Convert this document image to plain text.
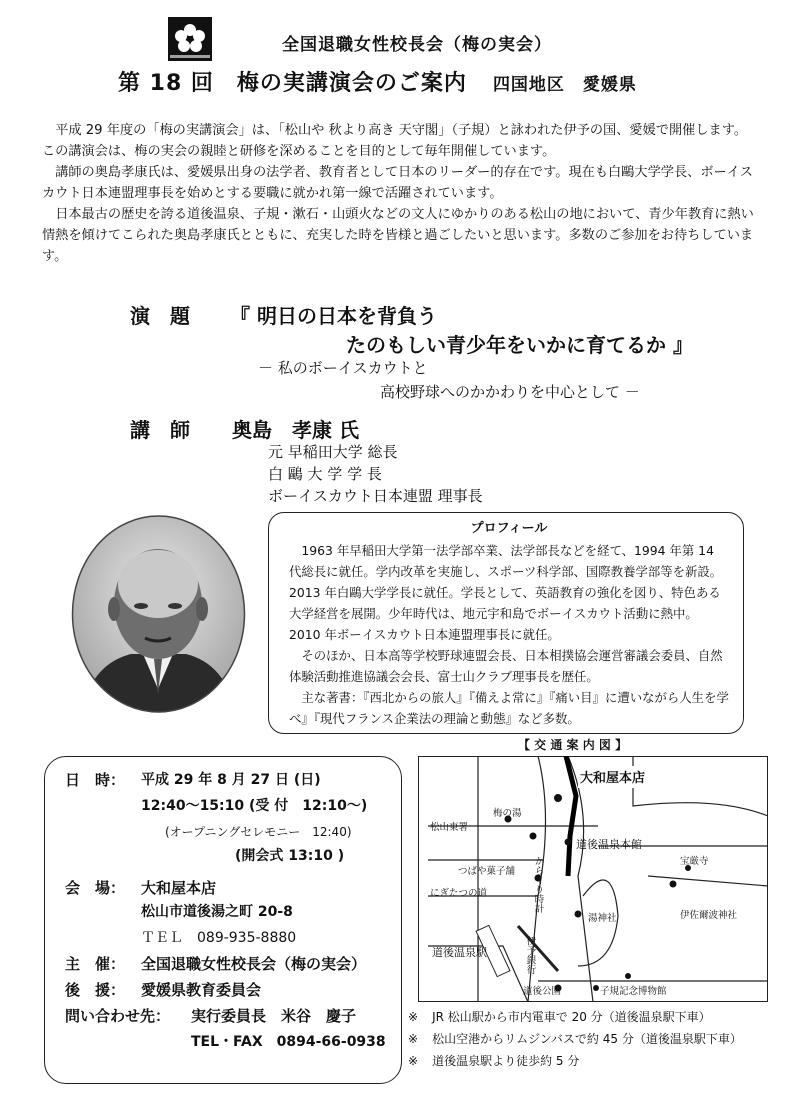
全国退職女性校長会（梅の実会）
第 18 回　梅の実講演会のご案内 四国地区　愛媛県

平成 29 年度の「梅の実講演会」は、「松山や 秋より高き 天守閣」（子規）と詠われた伊予の国、愛媛で開催します。この講演会は、梅の実会の親睦と研修を深めることを目的として毎年開催しています。

講師の奥島孝康氏は、愛媛県出身の法学者、教育者として日本のリーダー的存在です。現在も白鷗大学学長、ボーイスカウト日本連盟理事長を始めとする要職に就かれ第一線で活躍されています。

日本最古の歴史を誇る道後温泉、子規・漱石・山頭火などの文人にゆかりのある松山の地において、青少年教育に熱い情熱を傾けてこられた奥島孝康氏とともに、充実した時を皆様と過ごしたいと思います。多数のご参加をお待ちしています。

演　題 『 明日の日本を背負う
たのもしい青少年をいかに育てるか 』
－ 私のボーイスカウトと
高校野球へのかかわりを中心として －
講　師 奥島　孝康 氏
元 早稲田大学 総長
白 鷗 大 学 学 長
ボーイスカウト日本連盟 理事長
プロフィール

1963 年早稲田大学第一法学部卒業、法学部長などを経て、1994 年第 14 代総長に就任。学内改革を実施し、スポーツ科学部、国際教養学部等を新設。2013 年白鷗大学学長に就任。学長として、英語教育の強化を図り、特色ある大学経営を展開。少年時代は、地元宇和島でボーイスカウト活動に熱中。2010 年ボーイスカウト日本連盟理事長に就任。

そのほか、日本高等学校野球連盟会長、日本相撲協会運営審議会委員、自然体験活動推進協議会会長、富士山クラブ理事長を歴任。

主な著書：『西北からの旅人』『備えよ常に』『痛い目』に遭いながら人生を学べ』『現代フランス企業法の理論と動態』など多数。

日　時： 平成 29 年 8 月 27 日 (日)
12:40～15:10 (受 付　12:10～)
(オープニングセレモニー　12:40)
(開会式 13:10 )
会　場： 大和屋本店
松山市道後湯之町 20-8
ＴＥＬ　089-935-8880
主　催： 全国退職女性校長会（梅の実会）
後　援： 愛媛県教育委員会
問い合わせ先： 実行委員長　米谷　慶子
TEL・FAX　0894-66-0938
【 交 通 案 内 図 】
大和屋本店
松山東署
梅の湯
つばや菓子舗
にぎたつの道	からくり時計
道後温泉本館
宝厳寺
湯神社	伊佐爾波神社
道後温泉駅	伊予銀行
道後公園	子規記念博物館
※ JR 松山駅から市内電車で 20 分（道後温泉駅下車）
※ 松山空港からリムジンバスで約 45 分（道後温泉駅下車）
※ 道後温泉駅より徒歩約 5 分
